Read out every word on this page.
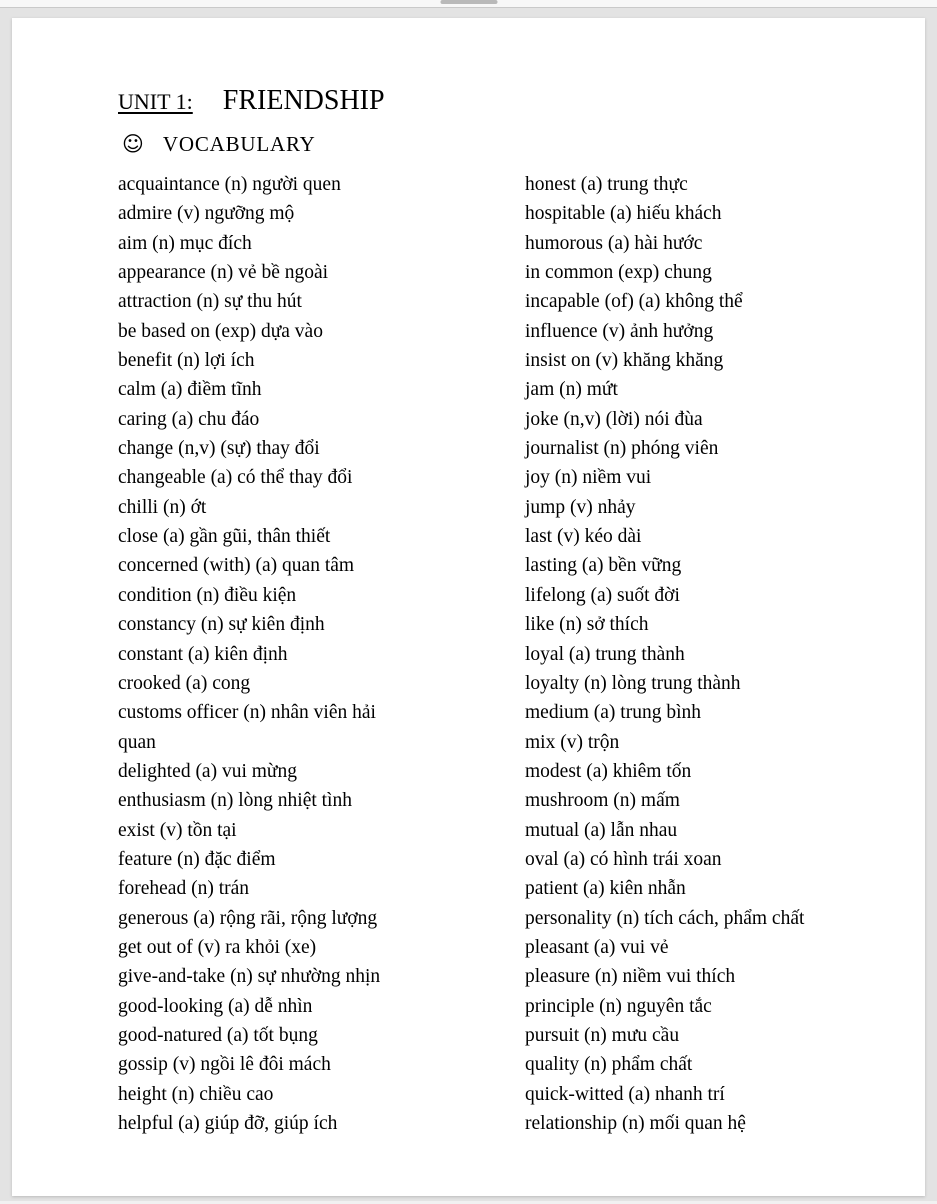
UNIT 1: FRIENDSHIP
☺ VOCABULARY
acquaintance (n) người quen
admire (v) ngưỡng mộ
aim (n) mục đích
appearance (n) vẻ bề ngoài
attraction (n) sự thu hút
be based on (exp) dựa vào
benefit (n) lợi ích
calm (a) điềm tĩnh
caring (a) chu đáo
change (n,v) (sự) thay đổi
changeable (a) có thể thay đổi
chilli (n) ớt
close (a) gần gũi, thân thiết
concerned (with) (a) quan tâm
condition (n) điều kiện
constancy (n) sự kiên định
constant (a) kiên định
crooked (a) cong
customs officer (n) nhân viên hải
quan
delighted (a) vui mừng
enthusiasm (n) lòng nhiệt tình
exist (v) tồn tại
feature (n) đặc điểm
forehead (n) trán
generous (a) rộng rãi, rộng lượng
get out of (v) ra khỏi (xe)
give-and-take (n) sự nhường nhịn
good-looking (a) dễ nhìn
good-natured (a) tốt bụng
gossip (v) ngồi lê đôi mách
height (n) chiều cao
helpful (a) giúp đỡ, giúp ích
honest (a) trung thực
hospitable (a) hiếu khách
humorous (a) hài hước
in common (exp) chung
incapable (of) (a) không thể
influence (v) ảnh hưởng
insist on (v) khăng khăng
jam (n) mứt
joke (n,v) (lời) nói đùa
journalist (n) phóng viên
joy (n) niềm vui
jump (v) nhảy
last (v) kéo dài
lasting (a) bền vững
lifelong (a) suốt đời
like (n) sở thích
loyal (a) trung thành
loyalty (n) lòng trung thành
medium (a) trung bình
mix (v) trộn
modest (a) khiêm tốn
mushroom (n) mấm
mutual (a) lẫn nhau
oval (a) có hình trái xoan
patient (a) kiên nhẫn
personality (n) tích cách, phẩm chất
pleasant (a) vui vẻ
pleasure (n) niềm vui thích
principle (n) nguyên tắc
pursuit (n) mưu cầu
quality (n) phẩm chất
quick-witted (a) nhanh trí
relationship (n) mối quan hệ
